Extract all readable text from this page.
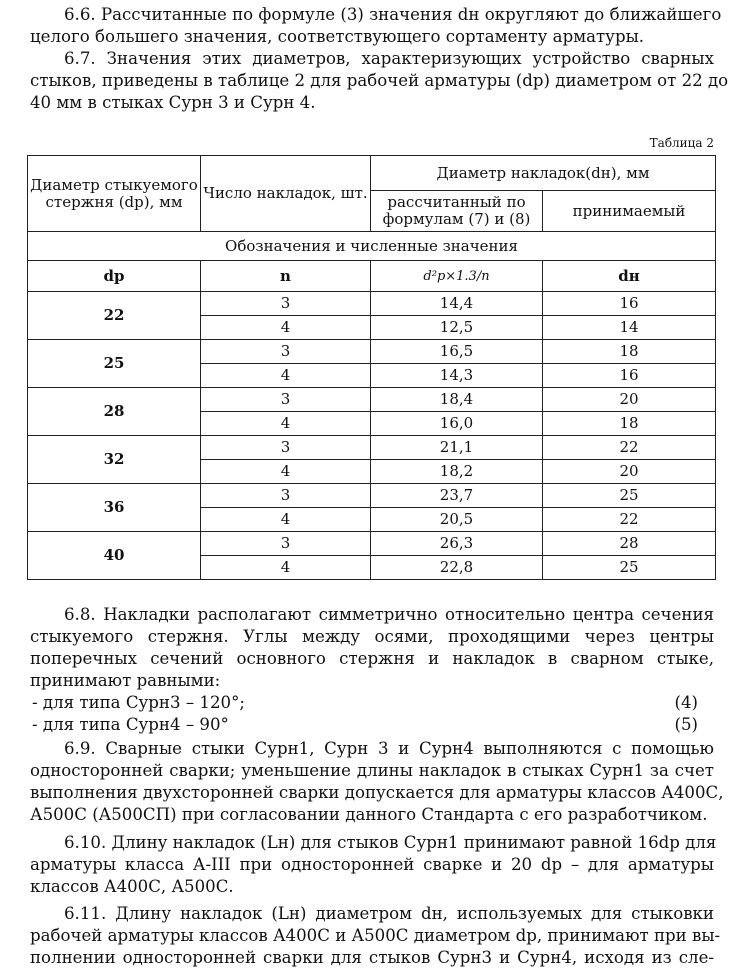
6.6. Рассчитанные по формуле (3) значения dн округляют до ближайшего
целого большего значения, соответствующего сортаменту арматуры.
6.7. Значения этих диаметров, характеризующих устройство сварных
стыков, приведены в таблице 2 для рабочей арматуры (dр) диаметром от 22 до
40 мм в стыках Сурн 3 и Сурн 4.
Таблица 2
Диаметр стыкуемого стержня (dр), мм	Число накладок, шт.	Диаметр накладок(dн), мм	
		рассчитанный по формулам (7) и (8)	принимаемый
Обозначения и численные значения			
dр	n	d²р×1.3/n	dн
22	3	14,4	16
	4	12,5	14
25	3	16,5	18
	4	14,3	16
28	3	18,4	20
	4	16,0	18
32	3	21,1	22
	4	18,2	20
36	3	23,7	25
	4	20,5	22
40	3	26,3	28
	4	22,8	25
6.8. Накладки располагают симметрично относительно центра сечения
стыкуемого стержня. Углы между осями, проходящими через центры
поперечных сечений основного стержня и накладок в сварном стыке,
принимают равными:
- для типа Сурн3 – 120°;	(4)
- для типа Сурн4 – 90°	(5)
6.9. Сварные стыки Сурн1, Сурн 3 и Сурн4 выполняются с помощью
односторонней сварки; уменьшение длины накладок в стыках Сурн1 за счет
выполнения двухсторонней сварки допускается для арматуры классов А400С,
А500С (А500СП) при согласовании данного Стандарта с его разработчиком.
6.10. Длину накладок (Lн) для стыков Сурн1 принимают равной 16dр для
арматуры класса А-III при односторонней сварке и 20 dр – для арматуры
классов А400С, А500С.
6.11. Длину накладок (Lн) диаметром dн, используемых для стыковки
рабочей арматуры классов А400С и А500С диаметром dр, принимают при вы-
полнении односторонней сварки для стыков Сурн3 и Сурн4, исходя из сле-
